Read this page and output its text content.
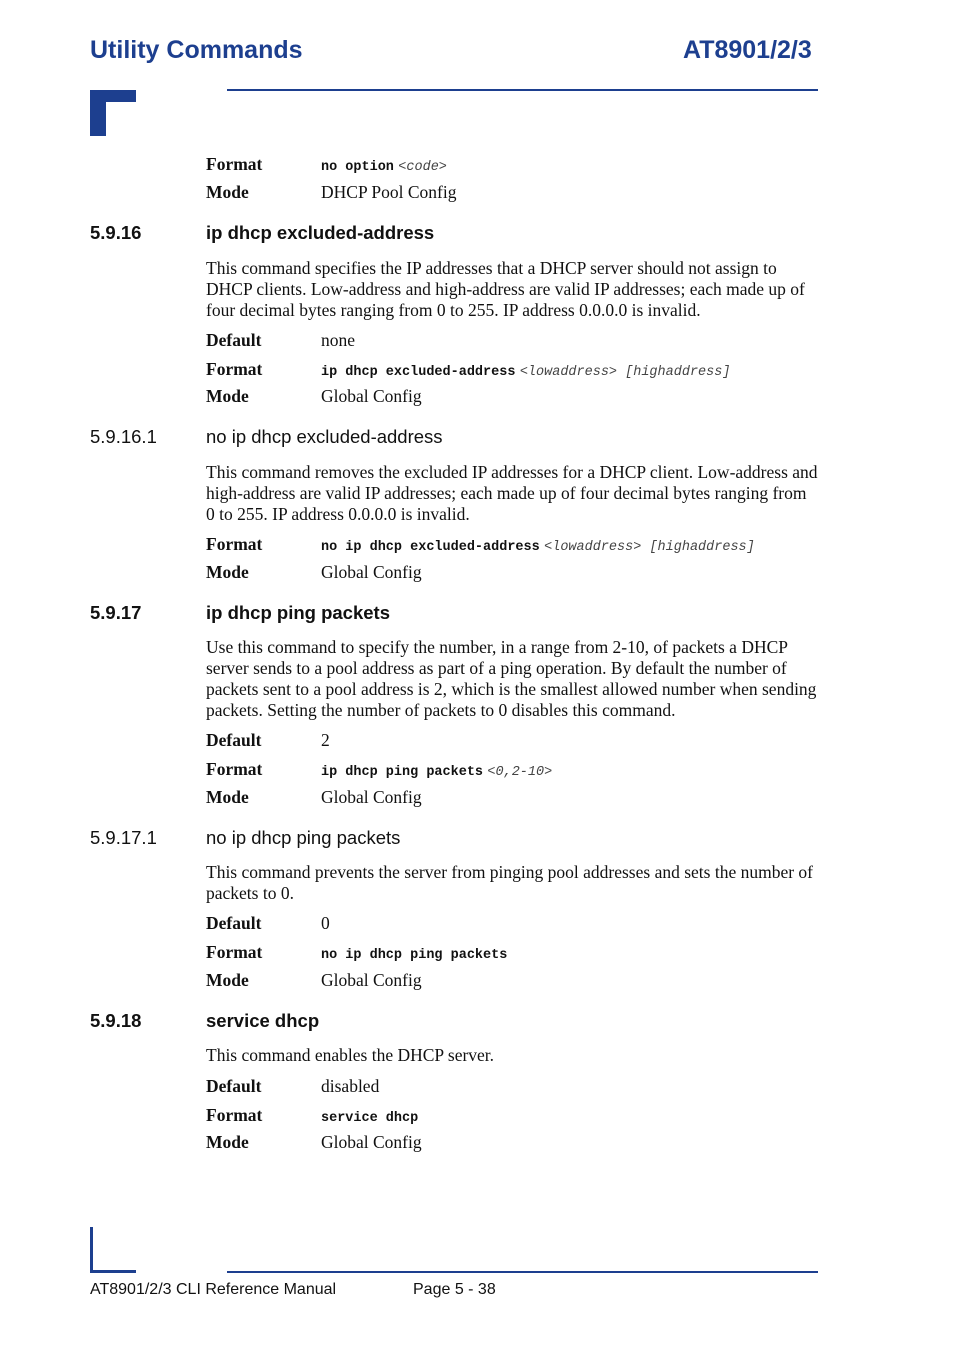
Utility Commands	AT8901/2/3
Format	no option <code>
Mode	DHCP Pool Config
5.9.16	ip dhcp excluded-address
This command specifies the IP addresses that a DHCP server should not assign to DHCP clients. Low-address and high-address are valid IP addresses; each made up of four decimal bytes ranging from 0 to 255. IP address 0.0.0.0 is invalid.
Default	none
Format	ip dhcp excluded-address <lowaddress> [highaddress]
Mode	Global Config
5.9.16.1	no ip dhcp excluded-address
This command removes the excluded IP addresses for a DHCP client. Low-address and high-address are valid IP addresses; each made up of four decimal bytes ranging from 0 to 255. IP address 0.0.0.0 is invalid.
Format	no ip dhcp excluded-address <lowaddress> [highaddress]
Mode	Global Config
5.9.17	ip dhcp ping packets
Use this command to specify the number, in a range from 2-10, of packets a DHCP server sends to a pool address as part of a ping operation. By default the number of packets sent to a pool address is 2, which is the smallest allowed number when sending packets. Setting the number of packets to 0 disables this command.
Default	2
Format	ip dhcp ping packets <0,2-10>
Mode	Global Config
5.9.17.1	no ip dhcp ping packets
This command prevents the server from pinging pool addresses and sets the number of packets to 0.
Default	0
Format	no ip dhcp ping packets
Mode	Global Config
5.9.18	service dhcp
This command enables the DHCP server.
Default	disabled
Format	service dhcp
Mode	Global Config
AT8901/2/3 CLI Reference Manual	Page 5 - 38
